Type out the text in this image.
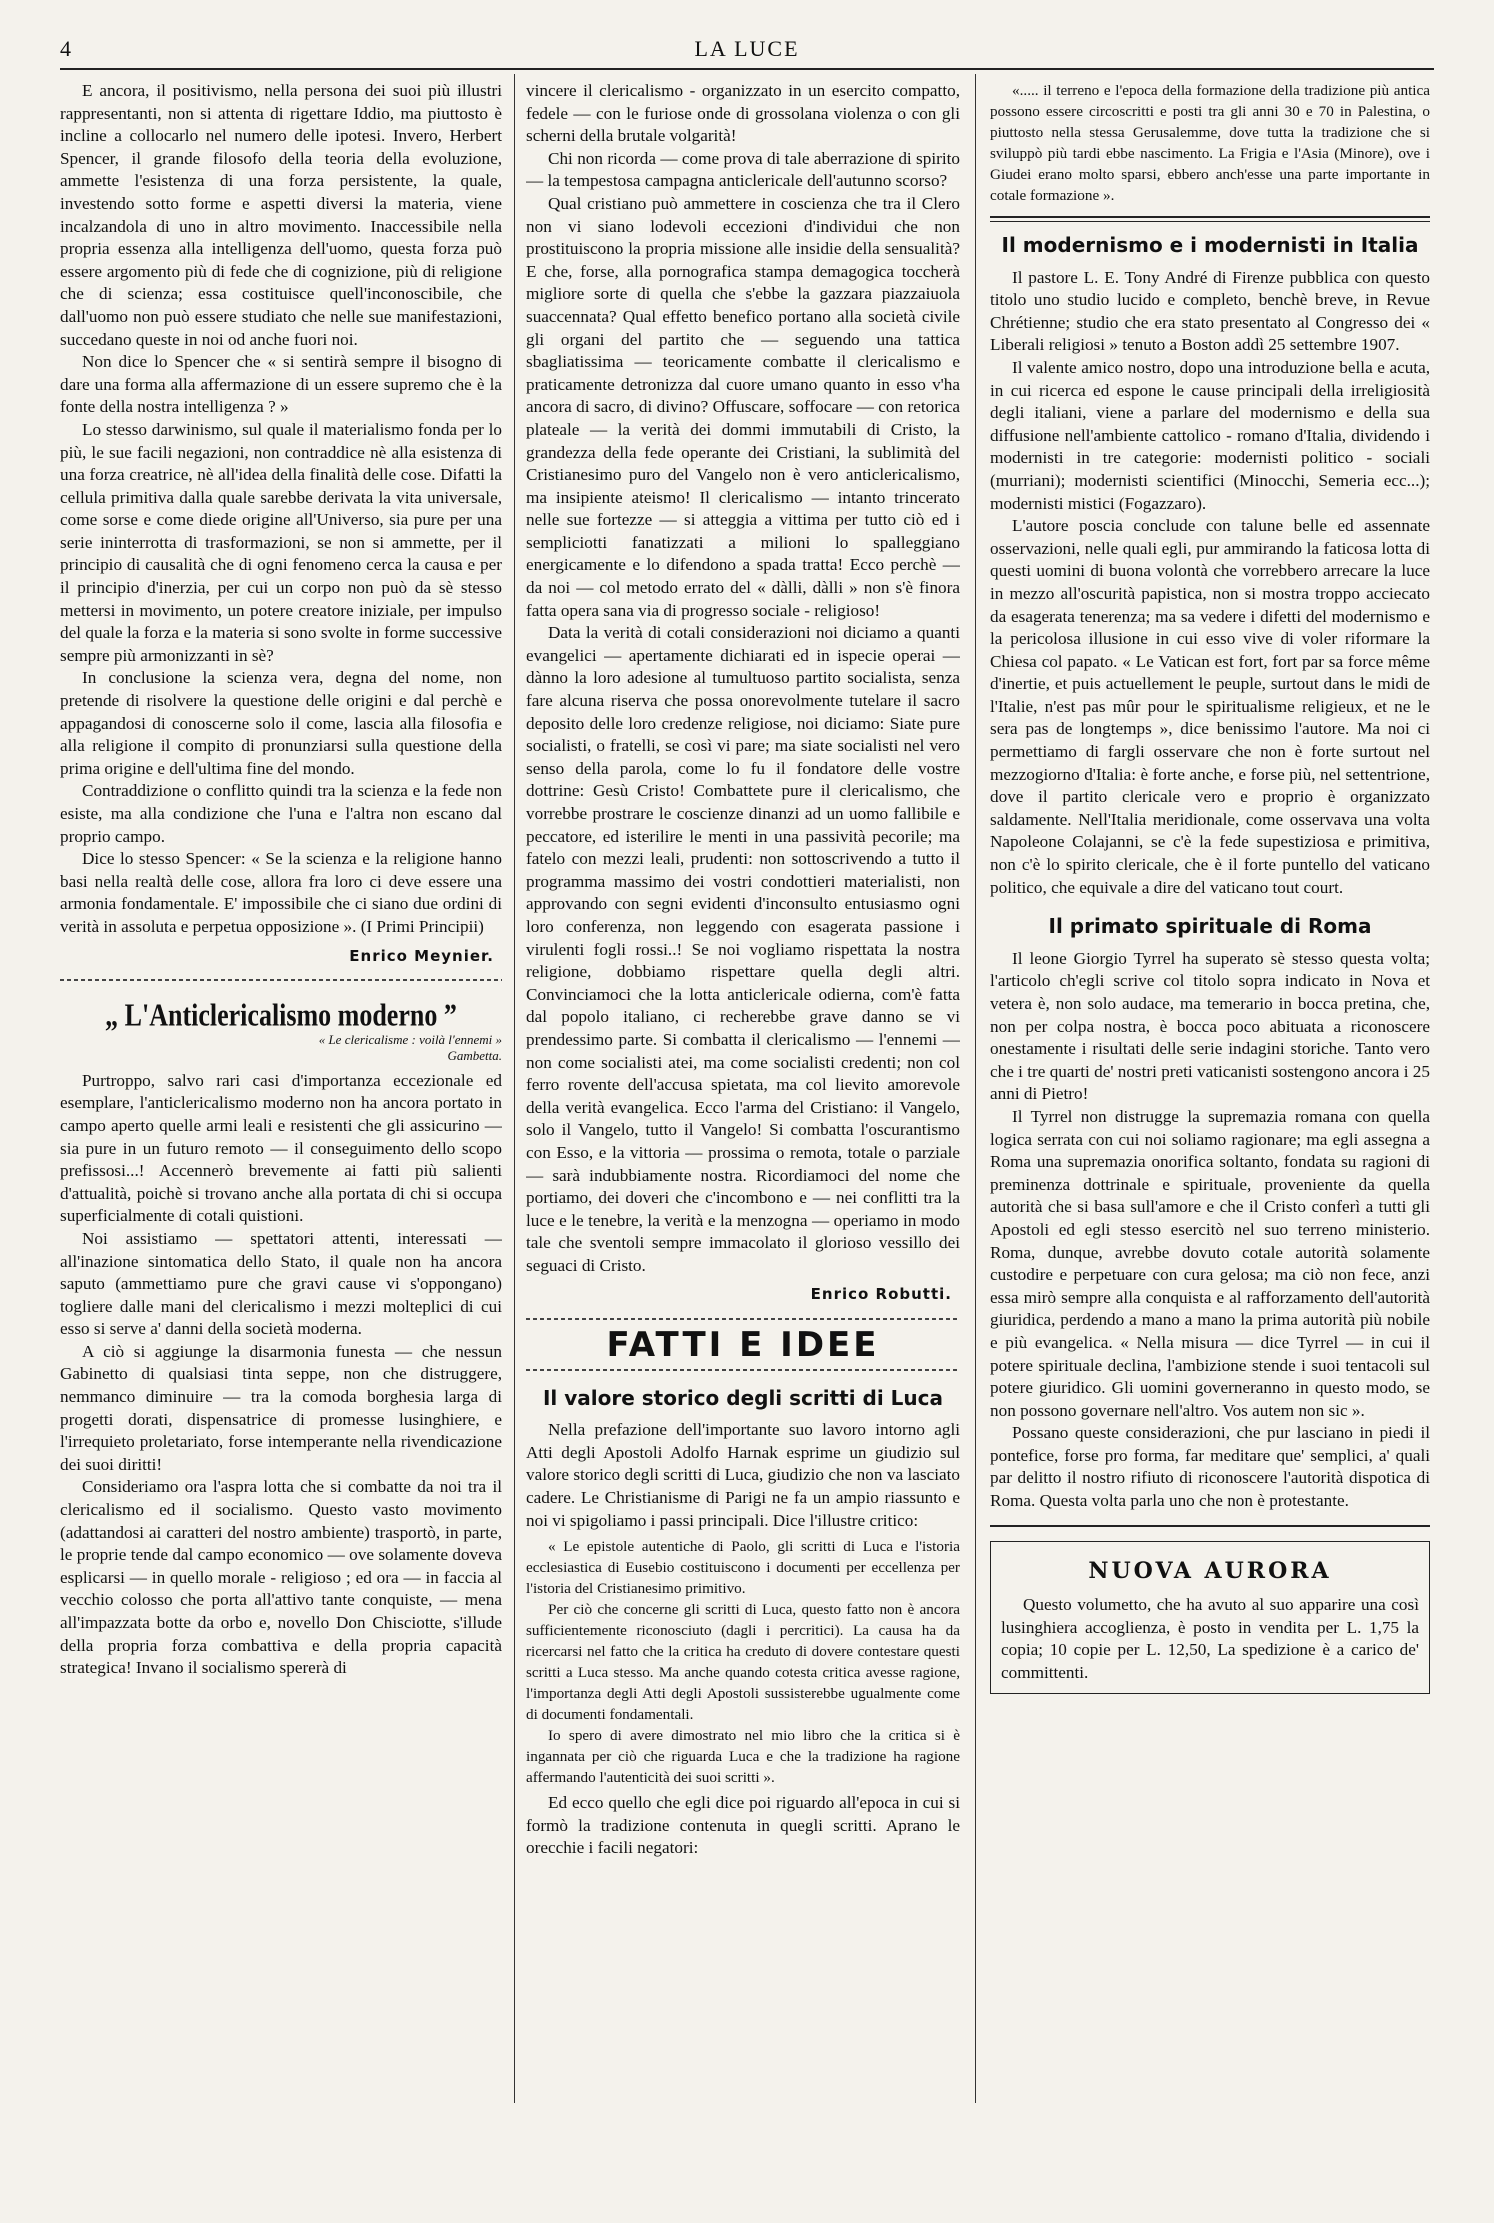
4	LA LUCE

E ancora, il positivismo, nella persona dei suoi più illustri rappresentanti, non si attenta di rigettare Iddio, ma piuttosto è incline a collocarlo nel numero delle ipotesi. Invero, Herbert Spencer, il grande filosofo della teoria della evoluzione, ammette l'esistenza di una forza persistente, la quale, investendo sotto forme e aspetti diversi la materia, viene incalzandola di uno in altro movimento. Inaccessibile nella propria essenza alla intelligenza dell'uomo, questa forza può essere argomento più di fede che di cognizione, più di religione che di scienza; essa costituisce quell'inconoscibile, che dall'uomo non può essere studiato che nelle sue manifestazioni, succedano queste in noi od anche fuori noi.

Non dice lo Spencer che « si sentirà sempre il bisogno di dare una forma alla affermazione di un essere supremo che è la fonte della nostra intelligenza ? »

Lo stesso darwinismo, sul quale il materialismo fonda per lo più, le sue facili negazioni, non contraddice nè alla esistenza di una forza creatrice, nè all'idea della finalità delle cose. Difatti la cellula primitiva dalla quale sarebbe derivata la vita universale, come sorse e come diede origine all'Universo, sia pure per una serie ininterrotta di trasformazioni, se non si ammette, per il principio di causalità che di ogni fenomeno cerca la causa e per il principio d'inerzia, per cui un corpo non può da sè stesso mettersi in movimento, un potere creatore iniziale, per impulso del quale la forza e la materia si sono svolte in forme successive sempre più armonizzanti in sè?

In conclusione la scienza vera, degna del nome, non pretende di risolvere la questione delle origini e dal perchè e appagandosi di conoscerne solo il come, lascia alla filosofia e alla religione il compito di pronunziarsi sulla questione della prima origine e dell'ultima fine del mondo.

Contraddizione o conflitto quindi tra la scienza e la fede non esiste, ma alla condizione che l'una e l'altra non escano dal proprio campo.

Dice lo stesso Spencer: « Se la scienza e la religione hanno basi nella realtà delle cose, allora fra loro ci deve essere una armonia fondamentale. E' impossibile che ci siano due ordini di verità in assoluta e perpetua opposizione ». (I Primi Principii)

Enrico Meynier.
„ L'Anticlericalismo moderno ”
« Le clericalisme : voilà l'ennemi »
Gambetta.

Purtroppo, salvo rari casi d'importanza eccezionale ed esemplare, l'anticlericalismo moderno non ha ancora portato in campo aperto quelle armi leali e resistenti che gli assicurino — sia pure in un futuro remoto — il conseguimento dello scopo prefissosi...! Accennerò brevemente ai fatti più salienti d'attualità, poichè si trovano anche alla portata di chi si occupa superficialmente di cotali quistioni.

Noi assistiamo — spettatori attenti, interessati — all'inazione sintomatica dello Stato, il quale non ha ancora saputo (ammettiamo pure che gravi cause vi s'oppongano) togliere dalle mani del clericalismo i mezzi molteplici di cui esso si serve a' danni della società moderna.

A ciò si aggiunge la disarmonia funesta — che nessun Gabinetto di qualsiasi tinta seppe, non che distruggere, nemmanco diminuire — tra la comoda borghesia larga di progetti dorati, dispensatrice di promesse lusinghiere, e l'irrequieto proletariato, forse intemperante nella rivendicazione dei suoi diritti!

Consideriamo ora l'aspra lotta che si combatte da noi tra il clericalismo ed il socialismo. Questo vasto movimento (adattandosi ai caratteri del nostro ambiente) trasportò, in parte, le proprie tende dal campo economico — ove solamente doveva esplicarsi — in quello morale - religioso ; ed ora — in faccia al vecchio colosso che porta all'attivo tante conquiste, — mena all'impazzata botte da orbo e, novello Don Chisciotte, s'illude della propria forza combattiva e della propria capacità strategica! Invano il socialismo spererà di

vincere il clericalismo - organizzato in un esercito compatto, fedele — con le furiose onde di grossolana violenza o con gli scherni della brutale volgarità!

Chi non ricorda — come prova di tale aberrazione di spirito — la tempestosa campagna anticlericale dell'autunno scorso?

Qual cristiano può ammettere in coscienza che tra il Clero non vi siano lodevoli eccezioni d'individui che non prostituiscono la propria missione alle insidie della sensualità? E che, forse, alla pornografica stampa demagogica toccherà migliore sorte di quella che s'ebbe la gazzara piazzaiuola suaccennata? Qual effetto benefico portano alla società civile gli organi del partito che — seguendo una tattica sbagliatissima — teoricamente combatte il clericalismo e praticamente detronizza dal cuore umano quanto in esso v'ha ancora di sacro, di divino? Offuscare, soffocare — con retorica plateale — la verità dei dommi immutabili di Cristo, la grandezza della fede operante dei Cristiani, la sublimità del Cristianesimo puro del Vangelo non è vero anticlericalismo, ma insipiente ateismo! Il clericalismo — intanto trincerato nelle sue fortezze — si atteggia a vittima per tutto ciò ed i sempliciotti fanatizzati a milioni lo spalleggiano energicamente e lo difendono a spada tratta! Ecco perchè — da noi — col metodo errato del « dàlli, dàlli » non s'è finora fatta opera sana via di progresso sociale - religioso!

Data la verità di cotali considerazioni noi diciamo a quanti evangelici — apertamente dichiarati ed in ispecie operai — dànno la loro adesione al tumultuoso partito socialista, senza fare alcuna riserva che possa onorevolmente tutelare il sacro deposito delle loro credenze religiose, noi diciamo: Siate pure socialisti, o fratelli, se così vi pare; ma siate socialisti nel vero senso della parola, come lo fu il fondatore delle vostre dottrine: Gesù Cristo! Combattete pure il clericalismo, che vorrebbe prostrare le coscienze dinanzi ad un uomo fallibile e peccatore, ed isterilire le menti in una passività pecorile; ma fatelo con mezzi leali, prudenti: non sottoscrivendo a tutto il programma massimo dei vostri condottieri materialisti, non approvando con segni evidenti d'inconsulto entusiasmo ogni loro conferenza, non leggendo con esagerata passione i virulenti fogli rossi..! Se noi vogliamo rispettata la nostra religione, dobbiamo rispettare quella degli altri. Convinciamoci che la lotta anticlericale odierna, com'è fatta dal popolo italiano, ci recherebbe grave danno se vi prendessimo parte. Si combatta il clericalismo — l'ennemi — non come socialisti atei, ma come socialisti credenti; non col ferro rovente dell'accusa spietata, ma col lievito amorevole della verità evangelica. Ecco l'arma del Cristiano: il Vangelo, solo il Vangelo, tutto il Vangelo! Si combatta l'oscurantismo con Esso, e la vittoria — prossima o remota, totale o parziale — sarà indubbiamente nostra. Ricordiamoci del nome che portiamo, dei doveri che c'incombono e — nei conflitti tra la luce e le tenebre, la verità e la menzogna — operiamo in modo tale che sventoli sempre immacolato il glorioso vessillo dei seguaci di Cristo.

Enrico Robutti.
FATTI E IDEE
Il valore storico degli scritti di Luca

Nella prefazione dell'importante suo lavoro intorno agli Atti degli Apostoli Adolfo Harnak esprime un giudizio sul valore storico degli scritti di Luca, giudizio che non va lasciato cadere. Le Christianisme di Parigi ne fa un ampio riassunto e noi vi spigoliamo i passi principali. Dice l'illustre critico:

« Le epistole autentiche di Paolo, gli scritti di Luca e l'istoria ecclesiastica di Eusebio costituiscono i documenti per eccellenza per l'istoria del Cristianesimo primitivo.

Per ciò che concerne gli scritti di Luca, questo fatto non è ancora sufficientemente riconosciuto (dagli i percritici). La causa ha da ricercarsi nel fatto che la critica ha creduto di dovere contestare questi scritti a Luca stesso. Ma anche quando cotesta critica avesse ragione, l'importanza degli Atti degli Apostoli sussisterebbe ugualmente come di documenti fondamentali.

Io spero di avere dimostrato nel mio libro che la critica si è ingannata per ciò che riguarda Luca e che la tradizione ha ragione affermando l'autenticità dei suoi scritti ».

Ed ecco quello che egli dice poi riguardo all'epoca in cui si formò la tradizione contenuta in quegli scritti. Aprano le orecchie i facili negatori:

«..... il terreno e l'epoca della formazione della tradizione più antica possono essere circoscritti e posti tra gli anni 30 e 70 in Palestina, o piuttosto nella stessa Gerusalemme, dove tutta la tradizione che si sviluppò più tardi ebbe nascimento. La Frigia e l'Asia (Minore), ove i Giudei erano molto sparsi, ebbero anch'esse una parte importante in cotale formazione ».

Il modernismo e i modernisti in Italia

Il pastore L. E. Tony André di Firenze pubblica con questo titolo uno studio lucido e completo, benchè breve, in Revue Chrétienne; studio che era stato presentato al Congresso dei « Liberali religiosi » tenuto a Boston addì 25 settembre 1907.

Il valente amico nostro, dopo una introduzione bella e acuta, in cui ricerca ed espone le cause principali della irreligiosità degli italiani, viene a parlare del modernismo e della sua diffusione nell'ambiente cattolico - romano d'Italia, dividendo i modernisti in tre categorie: modernisti politico - sociali (murriani); modernisti scientifici (Minocchi, Semeria ecc...); modernisti mistici (Fogazzaro).

L'autore poscia conclude con talune belle ed assennate osservazioni, nelle quali egli, pur ammirando la faticosa lotta di questi uomini di buona volontà che vorrebbero arrecare la luce in mezzo all'oscurità papistica, non si mostra troppo acciecato da esagerata tenerenza; ma sa vedere i difetti del modernismo e la pericolosa illusione in cui esso vive di voler riformare la Chiesa col papato. « Le Vatican est fort, fort par sa force même d'inertie, et puis actuellement le peuple, surtout dans le midi de l'Italie, n'est pas mûr pour le spiritualisme religieux, et ne le sera pas de longtemps », dice benissimo l'autore. Ma noi ci permettiamo di fargli osservare che non è forte surtout nel mezzogiorno d'Italia: è forte anche, e forse più, nel settentrione, dove il partito clericale vero e proprio è organizzato saldamente. Nell'Italia meridionale, come osservava una volta Napoleone Colajanni, se c'è la fede supestiziosa e primitiva, non c'è lo spirito clericale, che è il forte puntello del vaticano politico, che equivale a dire del vaticano tout court.

Il primato spirituale di Roma

Il leone Giorgio Tyrrel ha superato sè stesso questa volta; l'articolo ch'egli scrive col titolo sopra indicato in Nova et vetera è, non solo audace, ma temerario in bocca pretina, che, non per colpa nostra, è bocca poco abituata a riconoscere onestamente i risultati delle serie indagini storiche. Tanto vero che i tre quarti de' nostri preti vaticanisti sostengono ancora i 25 anni di Pietro!

Il Tyrrel non distrugge la supremazia romana con quella logica serrata con cui noi soliamo ragionare; ma egli assegna a Roma una supremazia onorifica soltanto, fondata su ragioni di preminenza dottrinale e spirituale, proveniente da quella autorità che si basa sull'amore e che il Cristo conferì a tutti gli Apostoli ed egli stesso esercitò nel suo terreno ministerio. Roma, dunque, avrebbe dovuto cotale autorità solamente custodire e perpetuare con cura gelosa; ma ciò non fece, anzi essa mirò sempre alla conquista e al rafforzamento dell'autorità giuridica, perdendo a mano a mano la prima autorità più nobile e più evangelica. « Nella misura — dice Tyrrel — in cui il potere spirituale declina, l'ambizione stende i suoi tentacoli sul potere giuridico. Gli uomini governeranno in questo modo, se non possono governare nell'altro. Vos autem non sic ».

Possano queste considerazioni, che pur lasciano in piedi il pontefice, forse pro forma, far meditare que' semplici, a' quali par delitto il nostro rifiuto di riconoscere l'autorità dispotica di Roma. Questa volta parla uno che non è protestante.

NUOVA AURORA

Questo volumetto, che ha avuto al suo apparire una così lusinghiera accoglienza, è posto in vendita per L. 1,75 la copia; 10 copie per L. 12,50, La spedizione è a carico de' committenti.
